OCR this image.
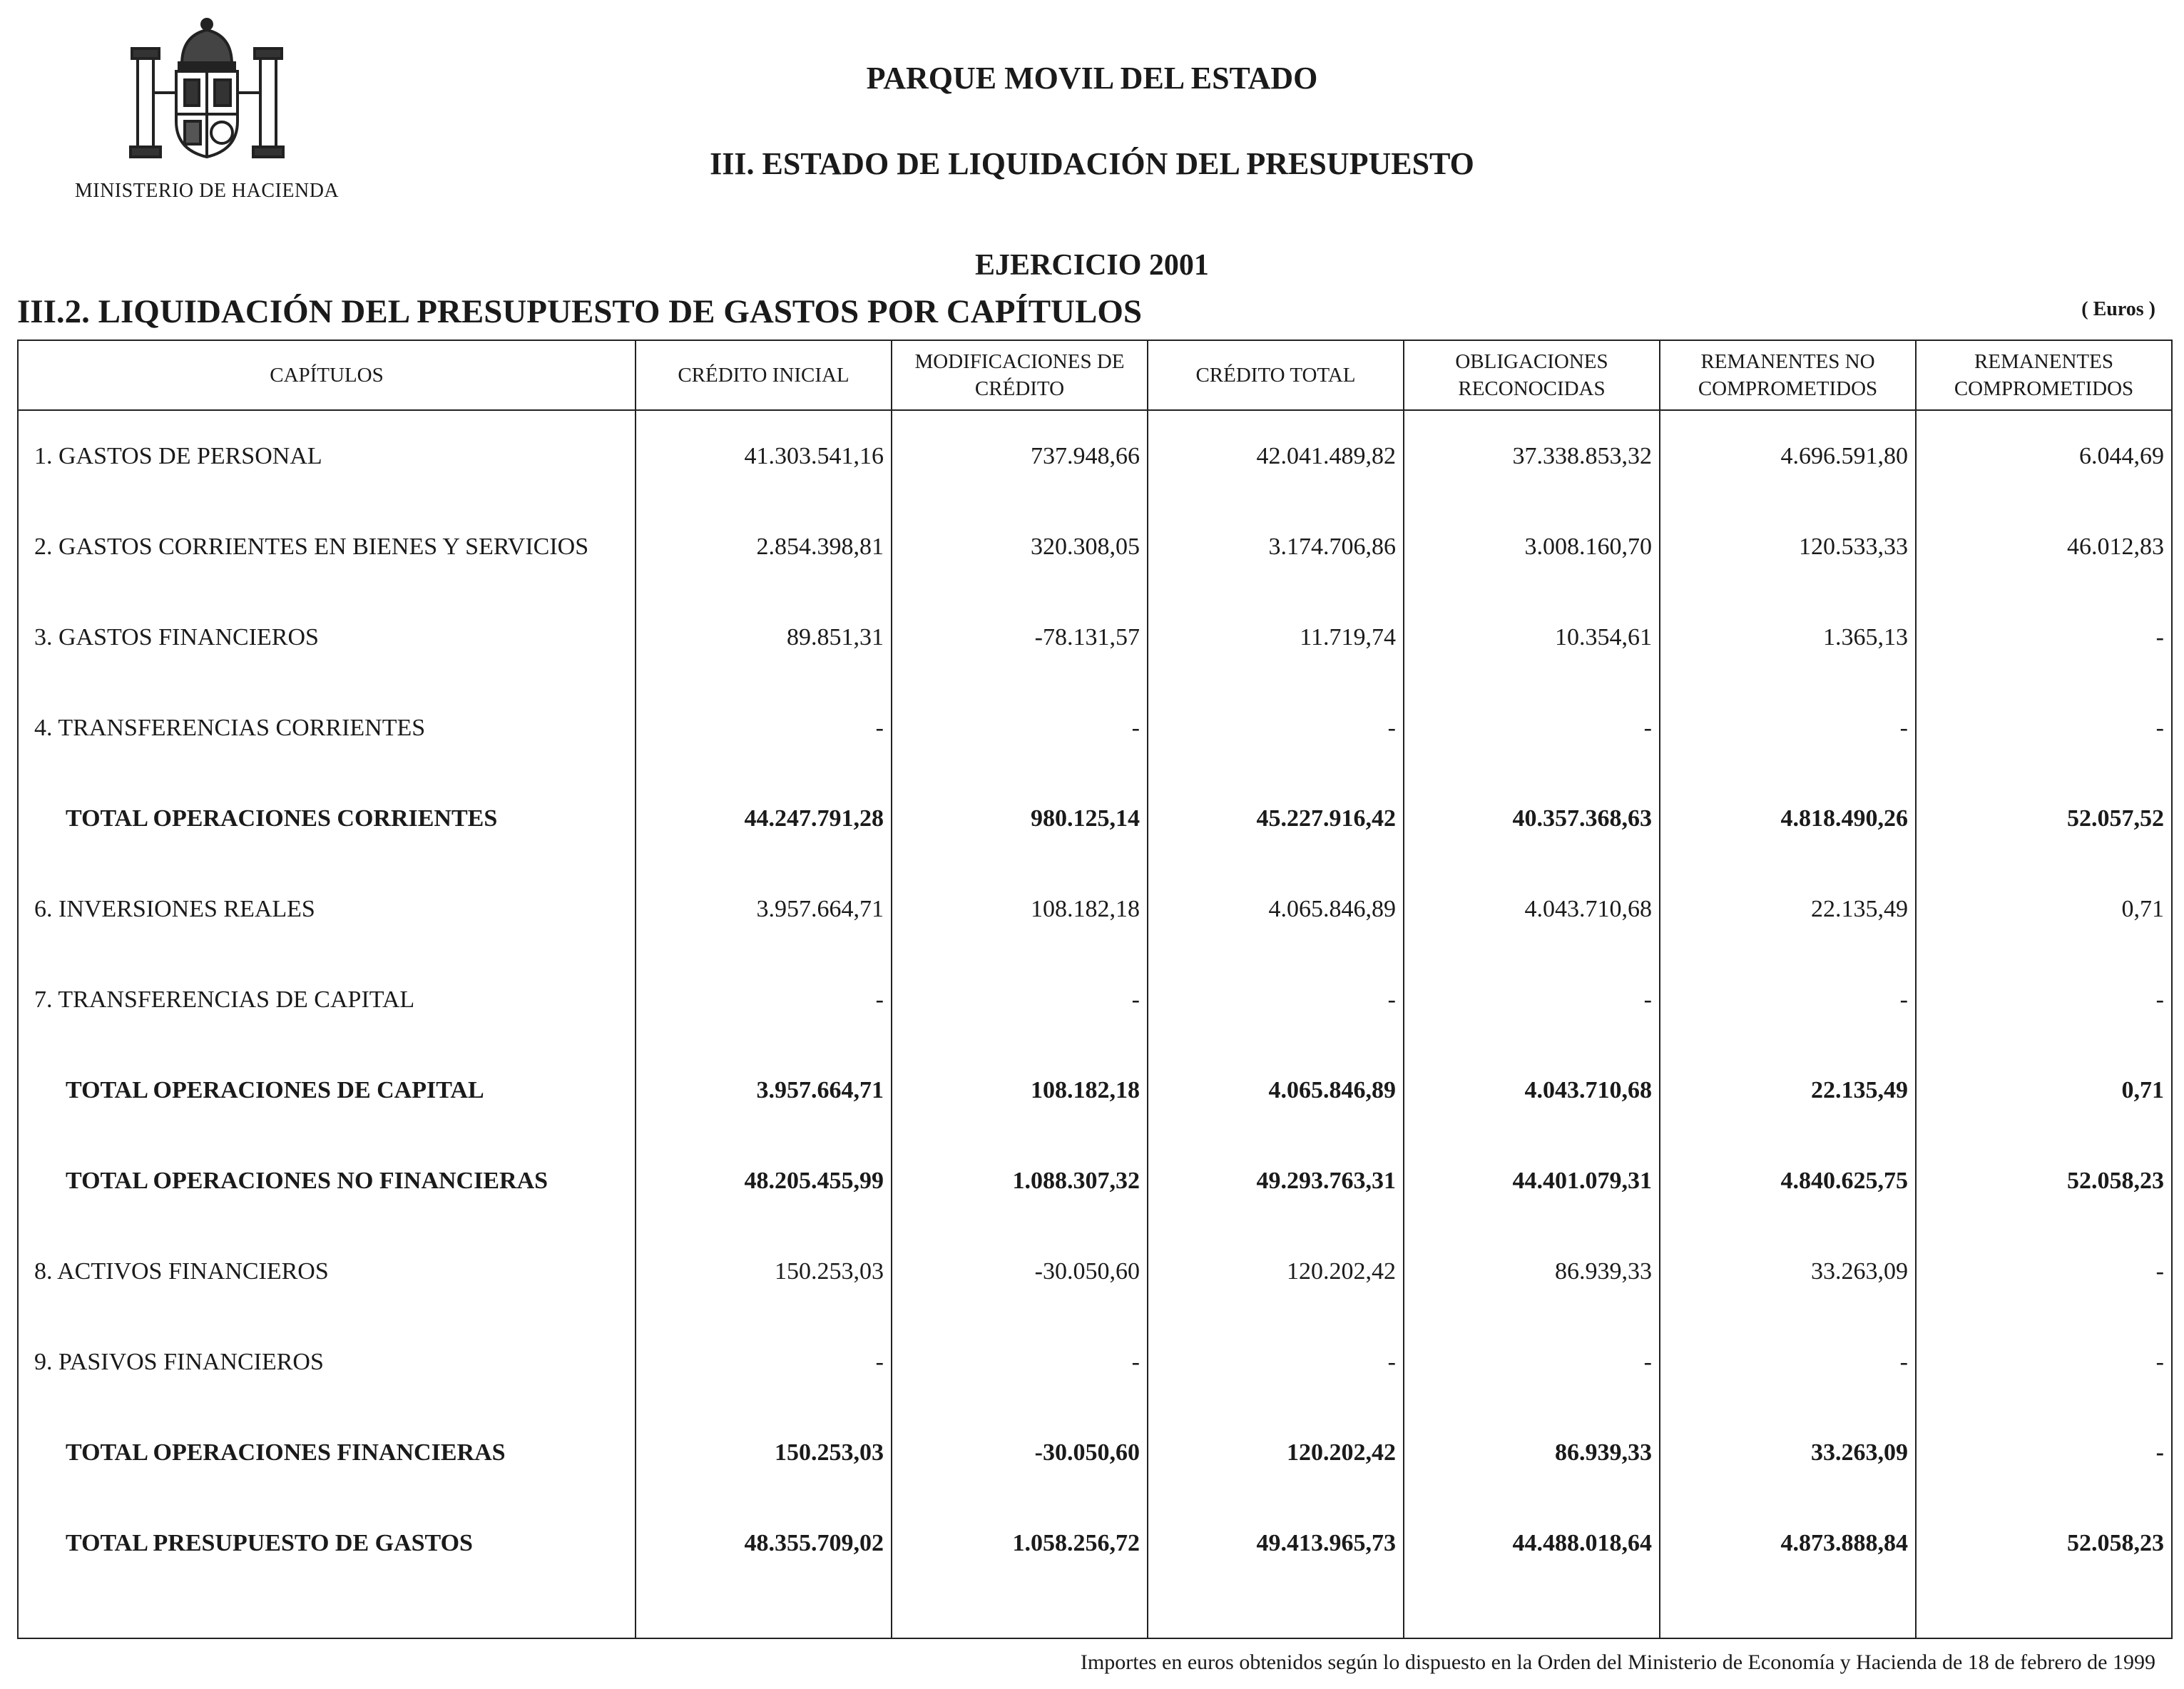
MINISTERIO DE HACIENDA
PARQUE MOVIL DEL ESTADO
III. ESTADO DE LIQUIDACIÓN DEL PRESUPUESTO
EJERCICIO 2001
III.2. LIQUIDACIÓN DEL PRESUPUESTO DE GASTOS POR CAPÍTULOS	( Euros )
CAPÍTULOS	CRÉDITO INICIAL	MODIFICACIONES DE CRÉDITO	CRÉDITO TOTAL	OBLIGACIONES RECONOCIDAS	REMANENTES NO COMPROMETIDOS	REMANENTES COMPROMETIDOS
1. GASTOS DE PERSONAL	41.303.541,16	737.948,66	42.041.489,82	37.338.853,32	4.696.591,80	6.044,69
2. GASTOS CORRIENTES EN BIENES Y SERVICIOS	2.854.398,81	320.308,05	3.174.706,86	3.008.160,70	120.533,33	46.012,83
3. GASTOS FINANCIEROS	89.851,31	-78.131,57	11.719,74	10.354,61	1.365,13	-
4. TRANSFERENCIAS CORRIENTES	-	-	-	-	-	-
TOTAL OPERACIONES CORRIENTES	44.247.791,28	980.125,14	45.227.916,42	40.357.368,63	4.818.490,26	52.057,52
6. INVERSIONES REALES	3.957.664,71	108.182,18	4.065.846,89	4.043.710,68	22.135,49	0,71
7. TRANSFERENCIAS DE CAPITAL	-	-	-	-	-	-
TOTAL OPERACIONES DE CAPITAL	3.957.664,71	108.182,18	4.065.846,89	4.043.710,68	22.135,49	0,71
TOTAL OPERACIONES NO FINANCIERAS	48.205.455,99	1.088.307,32	49.293.763,31	44.401.079,31	4.840.625,75	52.058,23
8. ACTIVOS FINANCIEROS	150.253,03	-30.050,60	120.202,42	86.939,33	33.263,09	-
9. PASIVOS FINANCIEROS	-	-	-	-	-	-
TOTAL OPERACIONES FINANCIERAS	150.253,03	-30.050,60	120.202,42	86.939,33	33.263,09	-
TOTAL PRESUPUESTO DE GASTOS	48.355.709,02	1.058.256,72	49.413.965,73	44.488.018,64	4.873.888,84	52.058,23

Importes en euros obtenidos según lo dispuesto en la Orden del Ministerio de Economía y Hacienda de 18 de febrero de 1999
